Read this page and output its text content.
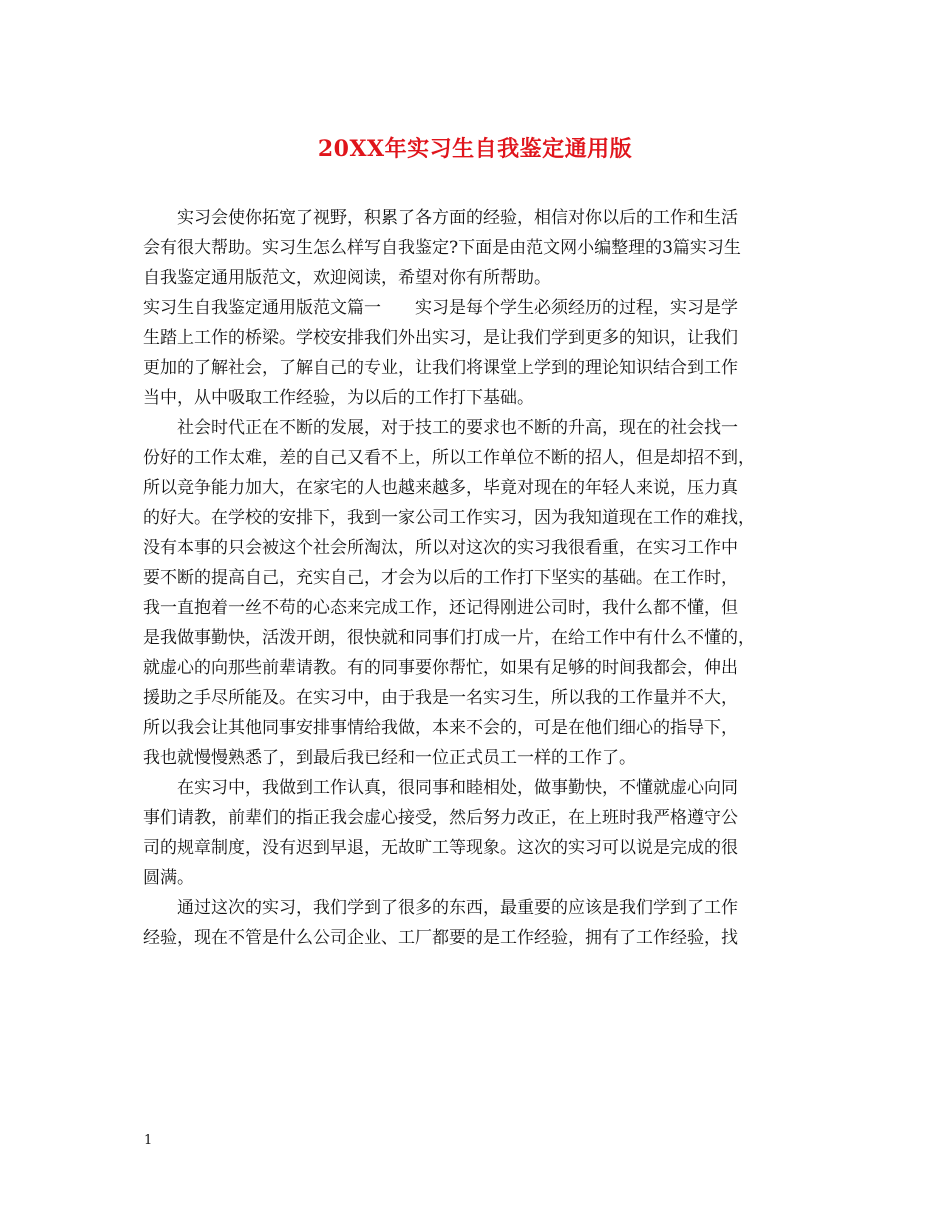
20XX年实习生自我鉴定通用版
　　实习会使你拓宽了视野，积累了各方面的经验，相信对你以后的工作和生活
会有很大帮助。实习生怎么样写自我鉴定?下面是由范文网小编整理的3篇实习生
自我鉴定通用版范文，欢迎阅读，希望对你有所帮助。
实习生自我鉴定通用版范文篇一　　实习是每个学生必须经历的过程，实习是学
生踏上工作的桥梁。学校安排我们外出实习，是让我们学到更多的知识，让我们
更加的了解社会，了解自己的专业，让我们将课堂上学到的理论知识结合到工作
当中，从中吸取工作经验，为以后的工作打下基础。
　　社会时代正在不断的发展，对于技工的要求也不断的升高，现在的社会找一
份好的工作太难，差的自己又看不上，所以工作单位不断的招人，但是却招不到，
所以竞争能力加大，在家宅的人也越来越多，毕竟对现在的年轻人来说，压力真
的好大。在学校的安排下，我到一家公司工作实习，因为我知道现在工作的难找，
没有本事的只会被这个社会所淘汰，所以对这次的实习我很看重，在实习工作中
要不断的提高自己，充实自己，才会为以后的工作打下坚实的基础。在工作时，
我一直抱着一丝不苟的心态来完成工作，还记得刚进公司时，我什么都不懂，但
是我做事勤快，活泼开朗，很快就和同事们打成一片，在给工作中有什么不懂的，
就虚心的向那些前辈请教。有的同事要你帮忙，如果有足够的时间我都会，伸出
援助之手尽所能及。在实习中，由于我是一名实习生，所以我的工作量并不大，
所以我会让其他同事安排事情给我做，本来不会的，可是在他们细心的指导下，
我也就慢慢熟悉了，到最后我已经和一位正式员工一样的工作了。
　　在实习中，我做到工作认真，很同事和睦相处，做事勤快，不懂就虚心向同
事们请教，前辈们的指正我会虚心接受，然后努力改正，在上班时我严格遵守公
司的规章制度，没有迟到早退，无故旷工等现象。这次的实习可以说是完成的很
圆满。
　　通过这次的实习，我们学到了很多的东西，最重要的应该是我们学到了工作
经验，现在不管是什么公司企业、工厂都要的是工作经验，拥有了工作经验，找
1
